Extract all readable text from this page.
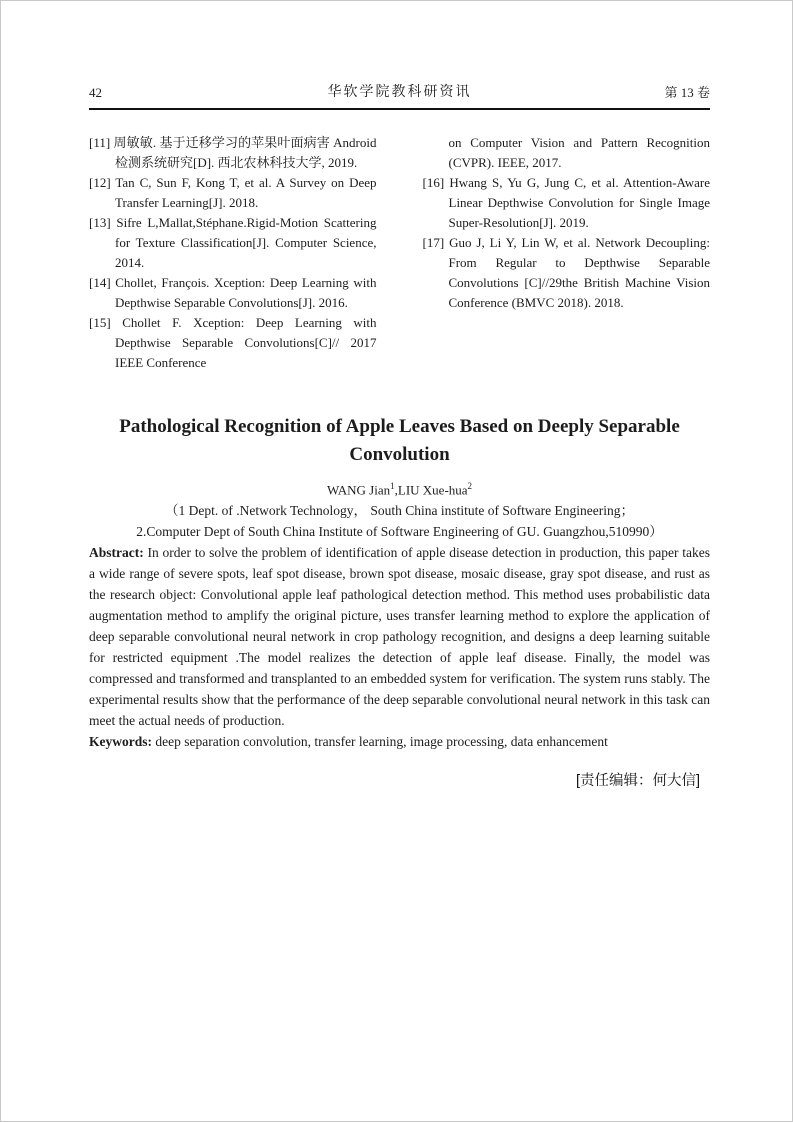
42	华软学院教科研资讯	第 13 卷
[11] 周敏敏. 基于迁移学习的苹果叶面病害 Android 检测系统研究[D]. 西北农林科技大学, 2019.
[12] Tan C, Sun F, Kong T, et al. A Survey on Deep Transfer Learning[J]. 2018.
[13] Sifre L,Mallat,Stéphane.Rigid-Motion Scattering for Texture Classification[J]. Computer Science, 2014.
[14] Chollet, François. Xception: Deep Learning with Depthwise Separable Convolutions[J]. 2016.
[15] Chollet F. Xception: Deep Learning with Depthwise Separable Convolutions[C]// 2017 IEEE Conference
on Computer Vision and Pattern Recognition (CVPR). IEEE, 2017.
[16] Hwang S, Yu G, Jung C, et al. Attention-Aware Linear Depthwise Convolution for Single Image Super-Resolution[J]. 2019.
[17] Guo J, Li Y, Lin W, et al. Network Decoupling: From Regular to Depthwise Separable Convolutions [C]//29the British Machine Vision Conference (BMVC 2018). 2018.
Pathological Recognition of Apple Leaves Based on Deeply Separable
Convolution
WANG Jian$^1$,LIU Xue-hua$^2$
（1 Dept. of .Network Technology， South China institute of Software Engineering；
2.Computer Dept of South China Institute of Software Engineering of GU. Guangzhou,510990）

Abstract: In order to solve the problem of identification of apple disease detection in production, this paper takes a wide range of severe spots, leaf spot disease, brown spot disease, mosaic disease, gray spot disease, and rust as the research object: Convolutional apple leaf pathological detection method. This method uses probabilistic data augmentation method to amplify the original picture, uses transfer learning method to explore the application of deep separable convolutional neural network in crop pathology recognition, and designs a deep learning suitable for restricted equipment .The model realizes the detection of apple leaf disease. Finally, the model was compressed and transformed and transplanted to an embedded system for verification. The system runs stably. The experimental results show that the performance of the deep separable convolutional neural network in this task can meet the actual needs of production.

Keywords: deep separation convolution, transfer learning, image processing, data enhancement

[责任编辑：何大信]
